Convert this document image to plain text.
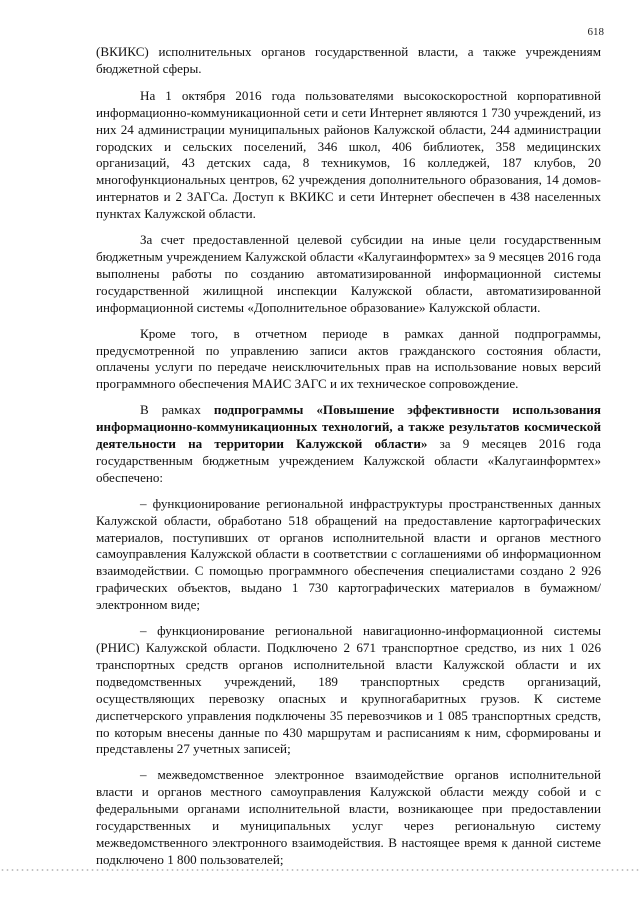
618

(ВКИКС) исполнительных органов государственной власти, а также учреждениям бюджетной сферы.

На 1 октября 2016 года пользователями высокоскоростной корпоративной информационно-коммуникационной сети и сети Интернет являются 1 730 учреждений, из них 24 администрации муниципальных районов Калужской области, 244 администрации городских и сельских поселений, 346 школ, 406 библиотек, 358 медицинских организаций, 43 детских сада, 8 техникумов, 16 колледжей, 187 клубов, 20 многофункциональных центров, 62 учреждения дополнительного образования, 14 домов-интернатов и 2 ЗАГСа. Доступ к ВКИКС и сети Интернет обеспечен в 438 населенных пунктах Калужской области.

За счет предоставленной целевой субсидии на иные цели государственным бюджетным учреждением Калужской области «Калугаинформтех» за 9 месяцев 2016 года выполнены работы по созданию автоматизированной информационной системы государственной жилищной инспекции Калужской области, автоматизированной информационной системы «Дополнительное образование» Калужской области.

Кроме того, в отчетном периоде в рамках данной подпрограммы, предусмотренной по управлению записи актов гражданского состояния области, оплачены услуги по передаче неисключительных прав на использование новых версий программного обеспечения МАИС ЗАГС и их техническое сопровождение.

В рамках подпрограммы «Повышение эффективности использования информационно-коммуникационных технологий, а также результатов космической деятельности на территории Калужской области» за 9 месяцев 2016 года государственным бюджетным учреждением Калужской области «Калугаинформтех» обеспечено:

– функционирование региональной инфраструктуры пространственных данных Калужской области, обработано 518 обращений на предоставление картографических материалов, поступивших от органов исполнительной власти и органов местного самоуправления Калужской области в соответствии с соглашениями об информационном взаимодействии. С помощью программного обеспечения специалистами создано 2 926 графических объектов, выдано 1 730 картографических материалов в бумажном/электронном виде;

– функционирование региональной навигационно-информационной системы (РНИС) Калужской области. Подключено 2 671 транспортное средство, из них 1 026 транспортных средств органов исполнительной власти Калужской области и их подведомственных учреждений, 189 транспортных средств организаций, осуществляющих перевозку опасных и крупногабаритных грузов. К системе диспетчерского управления подключены 35 перевозчиков и 1 085 транспортных средств, по которым внесены данные по 430 маршрутам и расписаниям к ним, сформированы и представлены 27 учетных записей;

– межведомственное электронное взаимодействие органов исполнительной власти и органов местного самоуправления Калужской области между собой и с федеральными органами исполнительной власти, возникающее при предоставлении государственных и муниципальных услуг через региональную систему межведомственного электронного взаимодействия. В настоящее время к данной системе подключено 1 800 пользователей;
